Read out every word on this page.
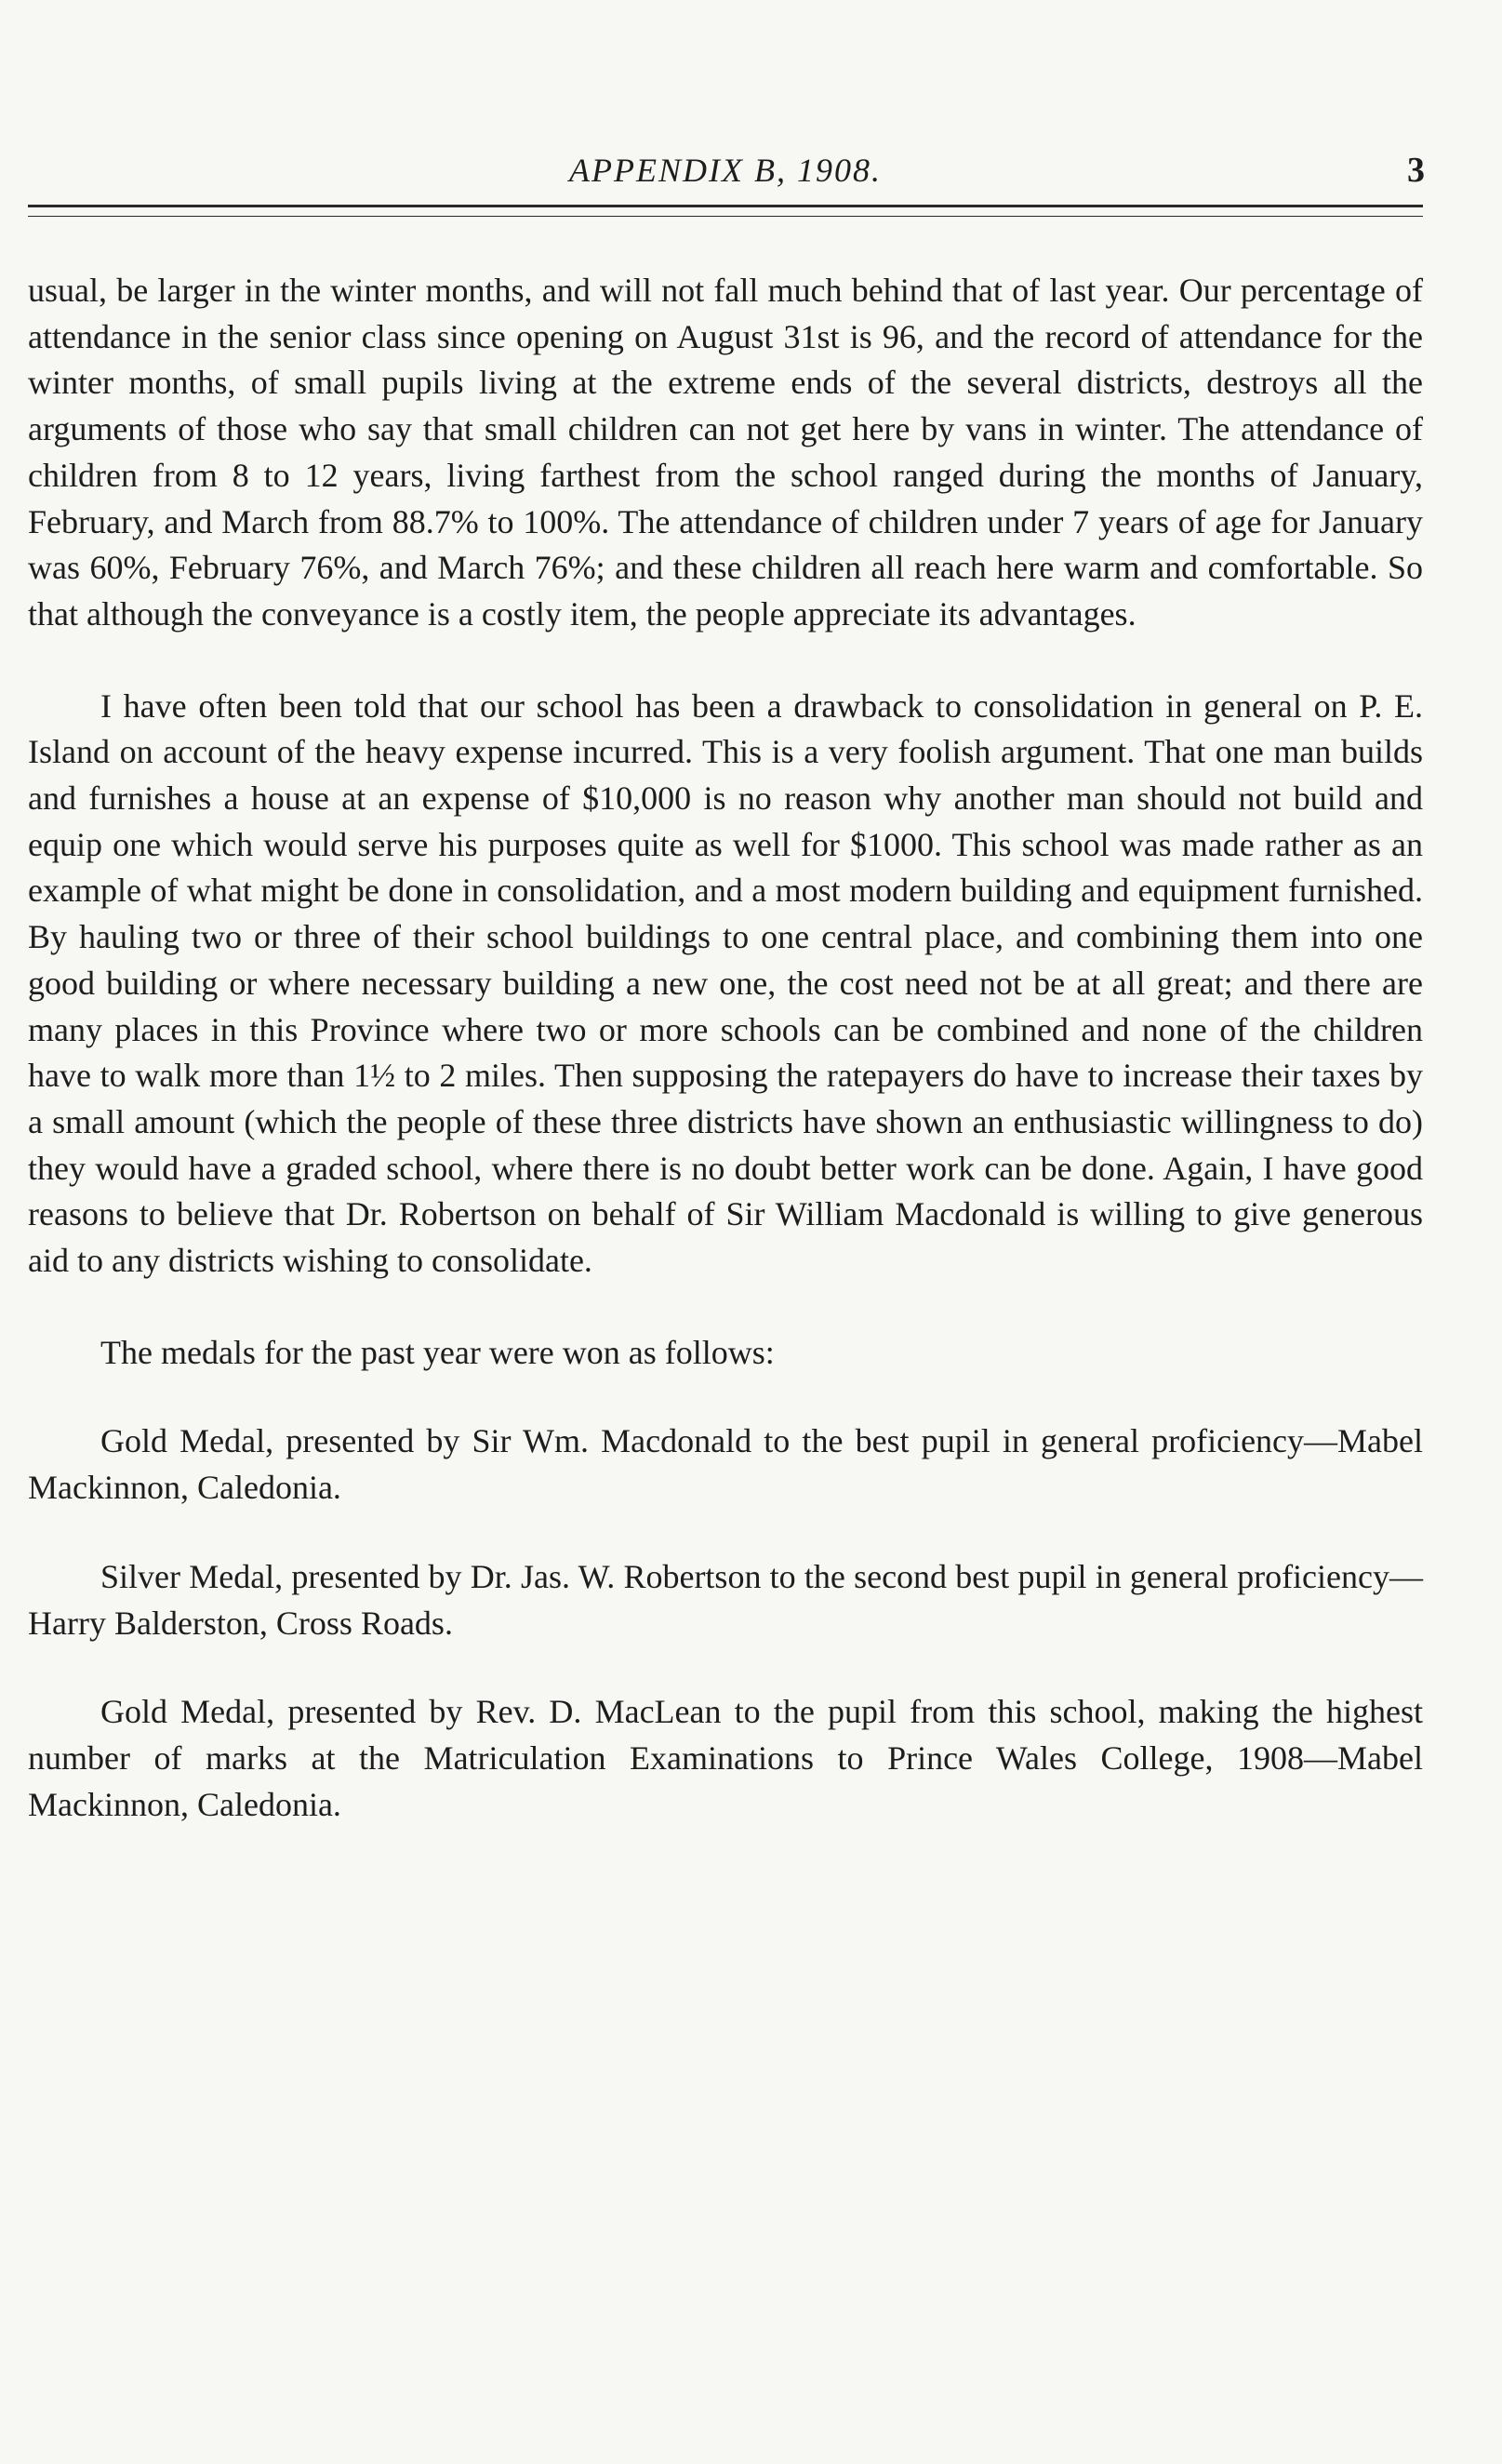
APPENDIX B, 1908.	3

usual, be larger in the winter months, and will not fall much behind that of last year. Our percentage of attendance in the senior class since opening on August 31st is 96, and the record of attendance for the winter months, of small pupils living at the extreme ends of the several districts, destroys all the arguments of those who say that small children can not get here by vans in winter. The attendance of children from 8 to 12 years, living farthest from the school ranged during the months of January, February, and March from 88.7% to 100%. The attendance of children under 7 years of age for January was 60%, February 76%, and March 76%; and these children all reach here warm and comfortable. So that although the conveyance is a costly item, the people appreciate its advantages.

I have often been told that our school has been a drawback to consolidation in general on P. E. Island on account of the heavy expense incurred. This is a very foolish argument. That one man builds and furnishes a house at an expense of $10,000 is no reason why another man should not build and equip one which would serve his purposes quite as well for $1000. This school was made rather as an example of what might be done in consolidation, and a most modern building and equipment furnished. By hauling two or three of their school buildings to one central place, and combining them into one good building or where necessary building a new one, the cost need not be at all great; and there are many places in this Province where two or more schools can be combined and none of the children have to walk more than 1½ to 2 miles. Then supposing the ratepayers do have to increase their taxes by a small amount (which the people of these three districts have shown an enthusiastic willingness to do) they would have a graded school, where there is no doubt better work can be done. Again, I have good reasons to believe that Dr. Robertson on behalf of Sir William Macdonald is willing to give generous aid to any districts wishing to consolidate.

The medals for the past year were won as follows:

Gold Medal, presented by Sir Wm. Macdonald to the best pupil in general proficiency—Mabel Mackinnon, Caledonia.

Silver Medal, presented by Dr. Jas. W. Robertson to the second best pupil in general proficiency—Harry Balderston, Cross Roads.

Gold Medal, presented by Rev. D. MacLean to the pupil from this school, making the highest number of marks at the Matriculation Examinations to Prince Wales College, 1908—Mabel Mackinnon, Caledonia.
